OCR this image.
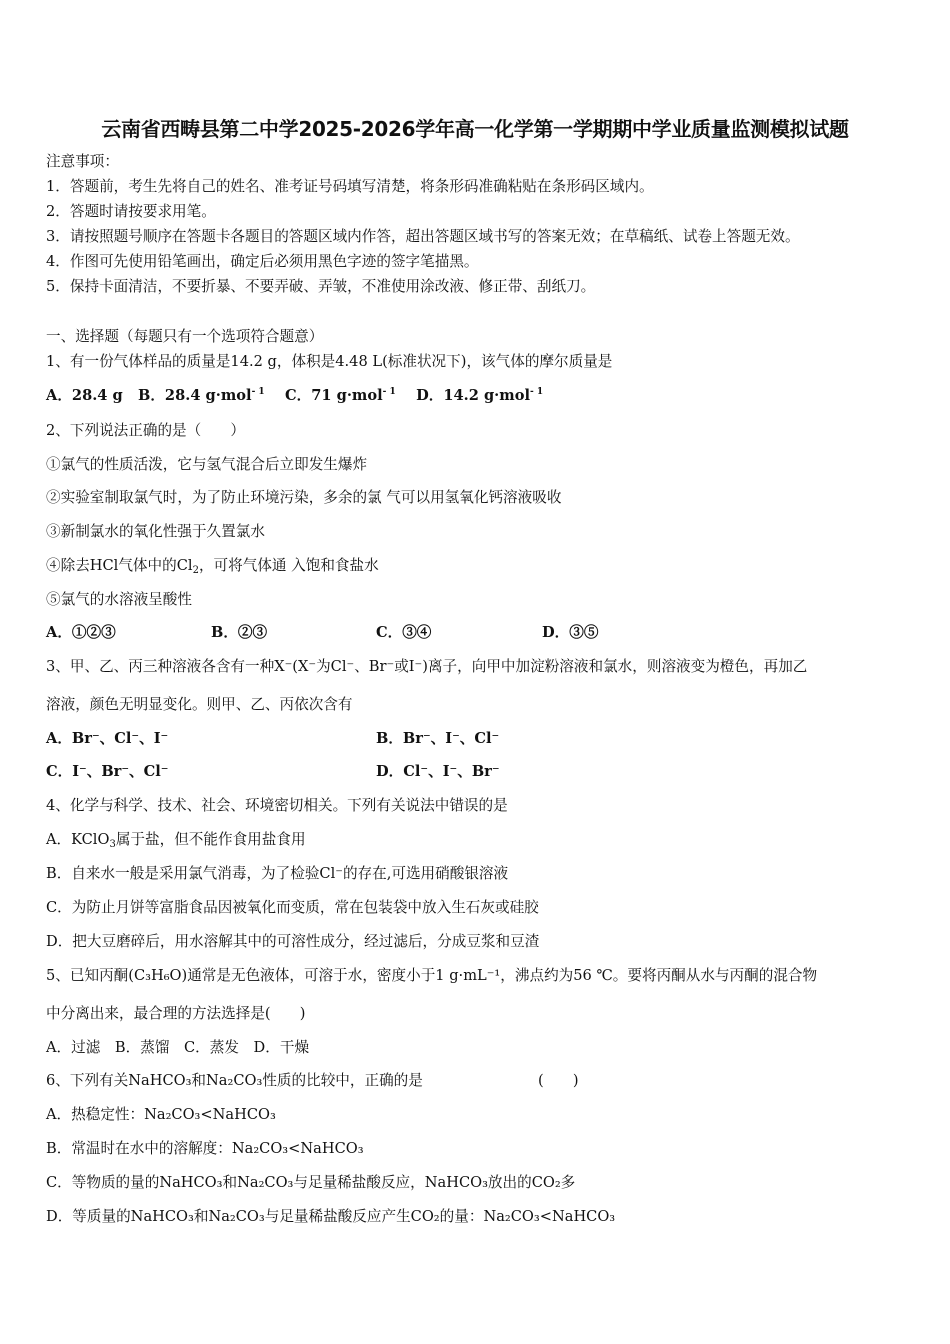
云南省西畴县第二中学2025-2026学年高一化学第一学期期中学业质量监测模拟试题
注意事项：
1．答题前，考生先将自己的姓名、准考证号码填写清楚，将条形码准确粘贴在条形码区域内。
2．答题时请按要求用笔。
3．请按照题号顺序在答题卡各题目的答题区域内作答，超出答题区域书写的答案无效；在草稿纸、试卷上答题无效。
4．作图可先使用铅笔画出，确定后必须用黑色字迹的签字笔描黑。
5．保持卡面清洁，不要折暴、不要弄破、弄皱，不准使用涂改液、修正带、刮纸刀。
一、选择题（每题只有一个选项符合题意）
1、有一份气体样品的质量是14.2 g，体积是4.48 L(标准状况下)，该气体的摩尔质量是
A．28.4 g B．28.4 g·mol$^{- 1}$ C．71 g·mol$^{- 1}$ D．14.2 g·mol$^{- 1}$
2、下列说法正确的是（　　）
①氯气的性质活泼，它与氢气混合后立即发生爆炸
②实验室制取氯气时，为了防止环境污染，多余的氯 气可以用氢氧化钙溶液吸收
③新制氯水的氧化性强于久置氯水
④除去HCl气体中的$Cl_2$，可将气体通 入饱和食盐水
⑤氯气的水溶液呈酸性
A．①②③	B．②③	C．③④	D．③⑤
3、甲、乙、丙三种溶液各含有一种X⁻(X⁻为Cl⁻、Br⁻或I⁻)离子，向甲中加淀粉溶液和氯水，则溶液变为橙色，再加乙
溶液，颜色无明显变化。则甲、乙、丙依次含有
A．Br⁻、Cl⁻、I⁻	B．Br⁻、I⁻、Cl⁻
C．I⁻、Br⁻、Cl⁻	D．Cl⁻、I⁻、Br⁻
4、化学与科学、技术、社会、环境密切相关。下列有关说法中错误的是
A．KClO$_3$属于盐，但不能作食用盐食用
B．自来水一般是采用氯气消毒，为了检验Cl⁻的存在,可选用硝酸银溶液
C．为防止月饼等富脂食品因被氧化而变质，常在包装袋中放入生石灰或硅胶
D．把大豆磨碎后，用水溶解其中的可溶性成分，经过滤后，分成豆浆和豆渣
5、已知丙酮(C₃H₆O)通常是无色液体，可溶于水，密度小于1 g·mL⁻¹，沸点约为56 ℃。要将丙酮从水与丙酮的混合物
中分离出来，最合理的方法选择是(　　)
A．过滤　B．蒸馏　C．蒸发　D．干燥
6、下列有关NaHCO₃和Na₂CO₃性质的比较中，正确的是	(　　)
A．热稳定性：Na₂CO₃<NaHCO₃
B．常温时在水中的溶解度：Na₂CO₃<NaHCO₃
C．等物质的量的NaHCO₃和Na₂CO₃与足量稀盐酸反应，NaHCO₃放出的CO₂多
D．等质量的NaHCO₃和Na₂CO₃与足量稀盐酸反应产生CO₂的量：Na₂CO₃<NaHCO₃
